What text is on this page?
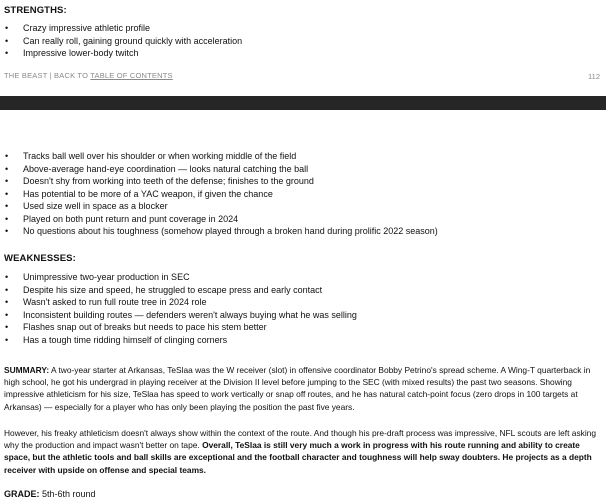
STRENGTHS:
• Crazy impressive athletic profile
• Can really roll, gaining ground quickly with acceleration
• Impressive lower-body twitch
THE BEAST | BACK TO TABLE OF CONTENTS	112
• Tracks ball well over his shoulder or when working middle of the field
• Above-average hand-eye coordination — looks natural catching the ball
• Doesn't shy from working into teeth of the defense; finishes to the ground
• Has potential to be more of a YAC weapon, if given the chance
• Used size well in space as a blocker
• Played on both punt return and punt coverage in 2024
• No questions about his toughness (somehow played through a broken hand during prolific 2022 season)
WEAKNESSES:
• Unimpressive two-year production in SEC
• Despite his size and speed, he struggled to escape press and early contact
• Wasn't asked to run full route tree in 2024 role
• Inconsistent building routes — defenders weren't always buying what he was selling
• Flashes snap out of breaks but needs to pace his stem better
• Has a tough time ridding himself of clinging corners
SUMMARY: A two-year starter at Arkansas, TeSlaa was the W receiver (slot) in offensive coordinator Bobby Petrino's spread scheme. A Wing-T quarterback in high school, he got his undergrad in playing receiver at the Division II level before jumping to the SEC (with mixed results) the past two seasons. Showing impressive athleticism for his size, TeSlaa has speed to work vertically or snap off routes, and he has natural catch-point focus (zero drops in 100 targets at Arkansas) — especially for a player who has only been playing the position the past five years.
However, his freaky athleticism doesn't always show within the context of the route. And though his pre-draft process was impressive, NFL scouts are left asking why the production and impact wasn't better on tape. Overall, TeSlaa is still very much a work in progress with his route running and ability to create space, but the athletic tools and ball skills are exceptional and the football character and toughness will help sway doubters. He projects as a depth receiver with upside on offense and special teams.
GRADE: 5th-6th round
